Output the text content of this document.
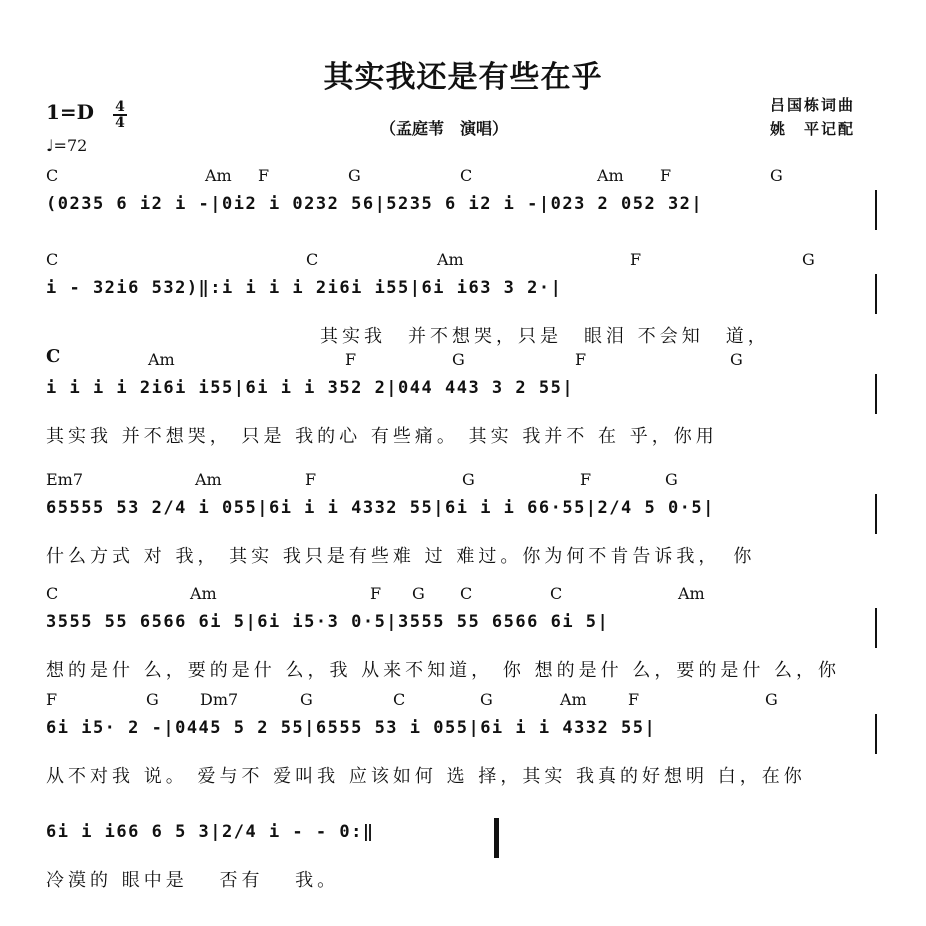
其实我还是有些在乎
1=D 4
4
♩=72
（孟庭苇　演唱）
吕国栋词曲
姚　平记配
C	Am F	G	C	Am F	G
(0235 6 i2 i -|0i2 i 0232 56|5235 6 i2 i -|023 2 052 32|
C	C	Am	F	G
i - 32i6 532)‖:i i i i 2i6i i55|6i i63 3 2·|
其实我　并不想哭，只是　眼泪 不会知　道，
C	Am	F	G	F	G
i i i i 2i6i i55|6i i i 352 2|044 443 3 2 55|
其实我 并不想哭， 只是 我的心 有些痛。 其实 我并不 在 乎，你用
Em7	Am	F	G	F	G
65555 53 2/4 i 055|6i i i 4332 55|6i i i 66·55|2/4 5 0·5|
什么方式 对 我， 其实 我只是有些难 过 难过。你为何不肯告诉我，　你
C	Am	F G C	C	Am
3555 55 6566 6i 5|6i i5·3 0·5|3555 55 6566 6i 5|
想的是什 么，要的是什 么，我 从来不知道， 你 想的是什 么，要的是什 么，你
F	G	Dm7	G	C	G	Am	F	G
6i i5· 2 -|0445 5 2 55|6555 53 i 055|6i i i 4332 55|
从不对我 说。 爱与不 爱叫我 应该如何 选 择，其实 我真的好想明 白，在你
6i i i66 6 5 3|2/4 i - - 0:‖
冷漠的 眼中是　 否有　 我。
